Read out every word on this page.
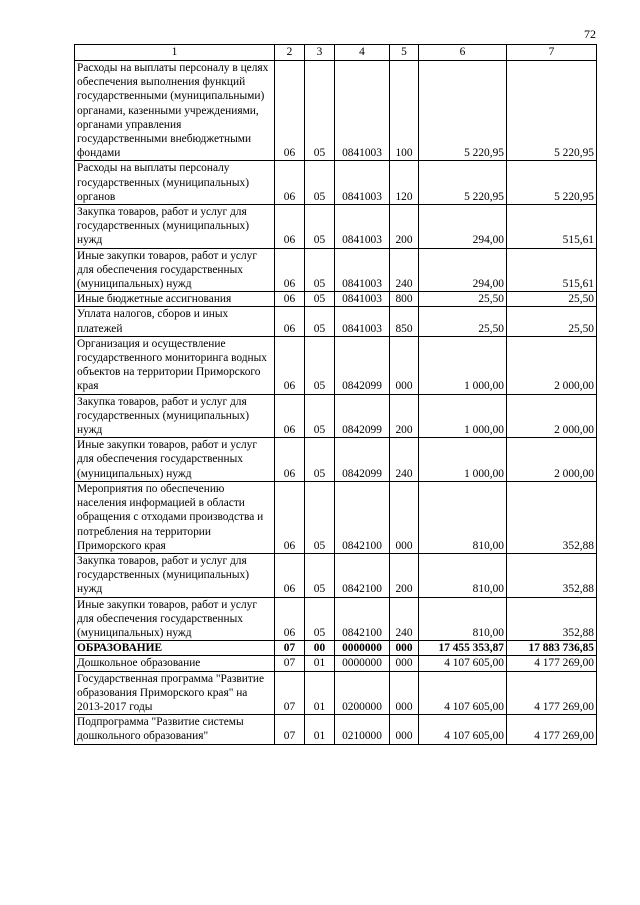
72
1	2	3	4	5	6	7
Расходы на выплаты персоналу в целях обеспечения выполнения функций государственными (муниципальными) органами, казенными учреждениями, органами управления государственными внебюджетными фондами	06	05	0841003	100	5 220,95	5 220,95
Расходы на выплаты персоналу государственных (муниципальных) органов	06	05	0841003	120	5 220,95	5 220,95
Закупка товаров, работ и услуг для государственных (муниципальных) нужд	06	05	0841003	200	294,00	515,61
Иные закупки товаров, работ и услуг для обеспечения государственных (муниципальных) нужд	06	05	0841003	240	294,00	515,61
Иные бюджетные ассигнования	06	05	0841003	800	25,50	25,50
Уплата налогов, сборов и иных платежей	06	05	0841003	850	25,50	25,50
Организация и осуществление государственного мониторинга водных объектов на территории Приморского края	06	05	0842099	000	1 000,00	2 000,00
Закупка товаров, работ и услуг для государственных (муниципальных) нужд	06	05	0842099	200	1 000,00	2 000,00
Иные закупки товаров, работ и услуг для обеспечения государственных (муниципальных) нужд	06	05	0842099	240	1 000,00	2 000,00
Мероприятия по обеспечению населения информацией в области обращения с отходами производства и потребления на территории Приморского края	06	05	0842100	000	810,00	352,88
Закупка товаров, работ и услуг для государственных (муниципальных) нужд	06	05	0842100	200	810,00	352,88
Иные закупки товаров, работ и услуг для обеспечения государственных (муниципальных) нужд	06	05	0842100	240	810,00	352,88
ОБРАЗОВАНИЕ	07	00	0000000	000	17 455 353,87	17 883 736,85
Дошкольное образование	07	01	0000000	000	4 107 605,00	4 177 269,00
Государственная программа "Развитие образования Приморского края" на 2013-2017 годы	07	01	0200000	000	4 107 605,00	4 177 269,00
Подпрограмма "Развитие системы дошкольного образования"	07	01	0210000	000	4 107 605,00	4 177 269,00
